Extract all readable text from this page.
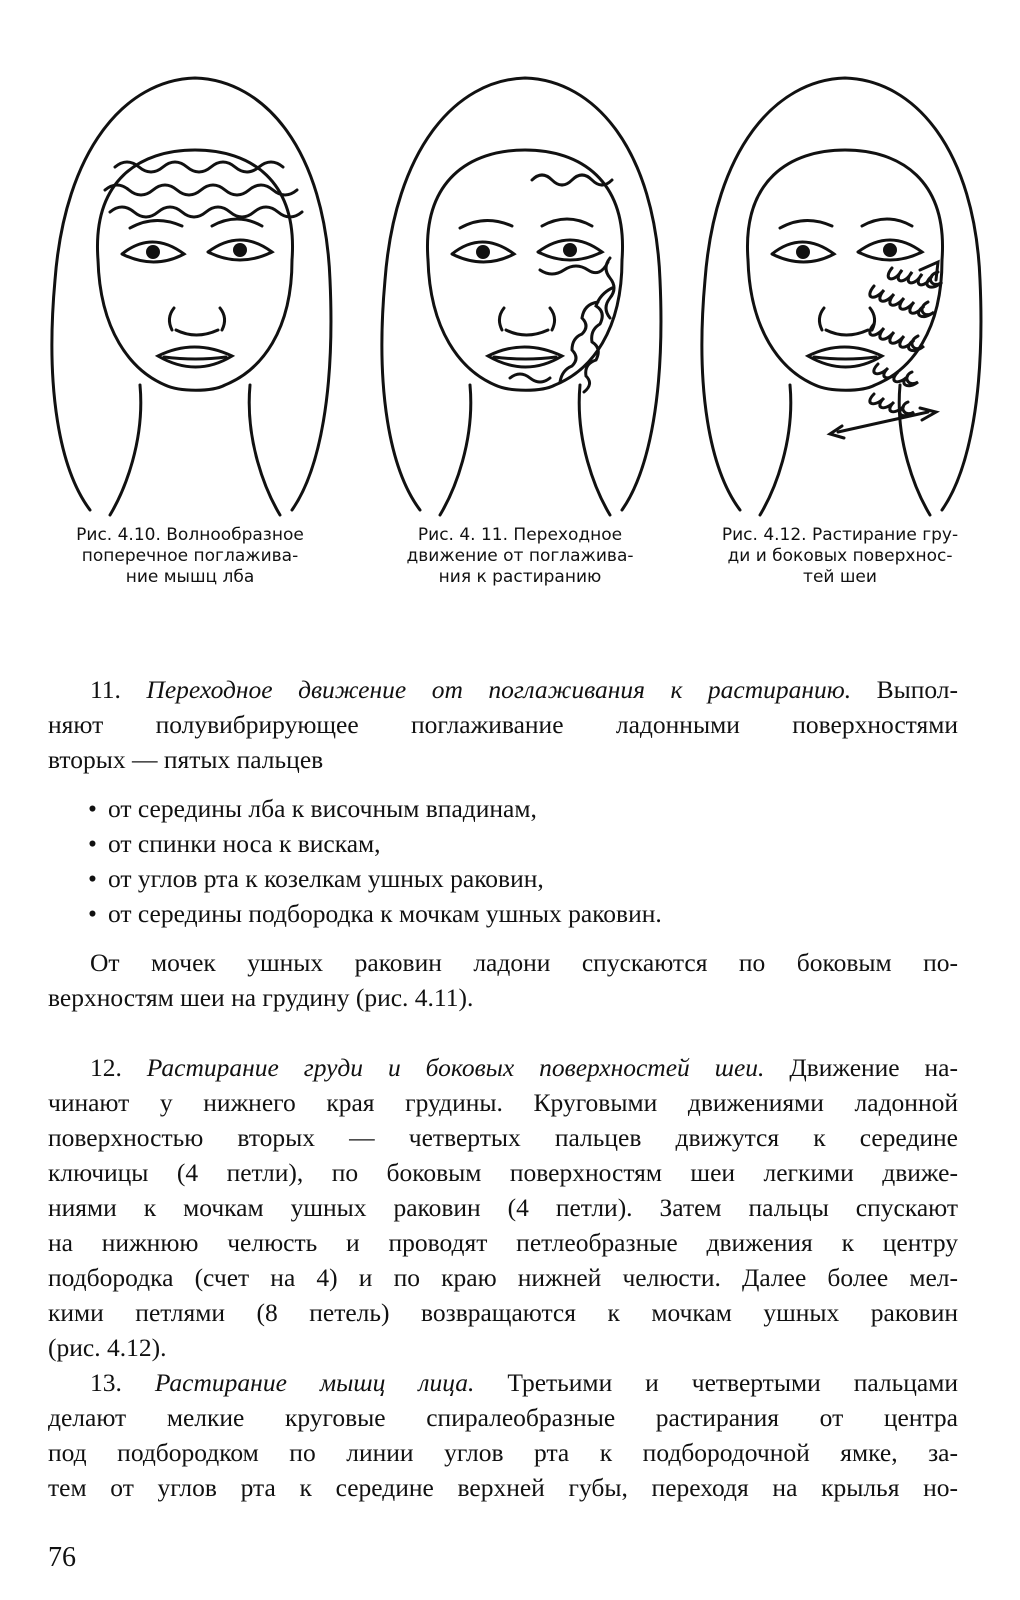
Рис. 4.10. Волнообразное
поперечное поглажива-
ние мышц лба
Рис. 4. 11. Переходное
движение от поглажива-
ния к растиранию
Рис. 4.12. Растирание гру-
ди и боковых поверхнос-
тей шеи
11. Переходное движение от поглаживания к растиранию. Выпол-
няют полувибрирующее поглаживание ладонными поверхностями
вторых — пятых пальцев
• от середины лба к височным впадинам,
• от спинки носа к вискам,
• от углов рта к козелкам ушных раковин,
• от середины подбородка к мочкам ушных раковин.
От мочек ушных раковин ладони спускаются по боковым по-
верхностям шеи на грудину (рис. 4.11).
12. Растирание груди и боковых поверхностей шеи. Движение на-
чинают у нижнего края грудины. Круговыми движениями ладонной
поверхностью вторых — четвертых пальцев движутся к середине
ключицы (4 петли), по боковым поверхностям шеи легкими движе-
ниями к мочкам ушных раковин (4 петли). Затем пальцы спускают
на нижнюю челюсть и проводят петлеобразные движения к центру
подбородка (счет на 4) и по краю нижней челюсти. Далее более мел-
кими петлями (8 петель) возвращаются к мочкам ушных раковин
(рис. 4.12).
13. Растирание мышц лица. Третьими и четвертыми пальцами
делают мелкие круговые спиралеобразные растирания от центра
под подбородком по линии углов рта к подбородочной ямке, за-
тем от углов рта к середине верхней губы, переходя на крылья но-
76
